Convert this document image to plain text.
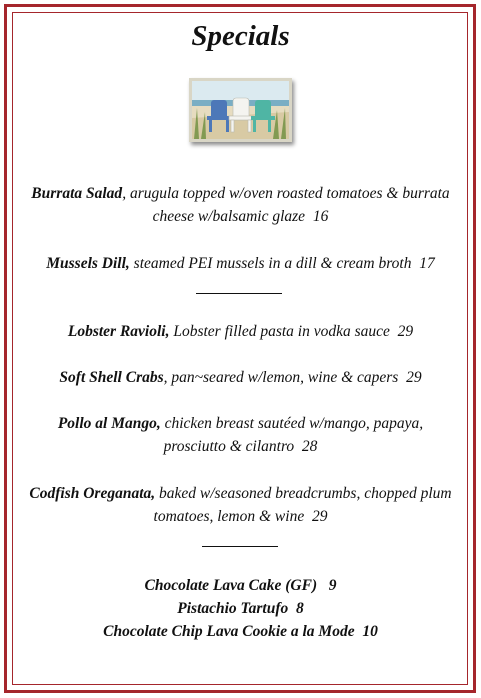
Specials
Burrata Salad, arugula topped w/oven roasted tomatoes & burrata cheese w/balsamic glaze 16
Mussels Dill, steamed PEI mussels in a dill & cream broth 17
Lobster Ravioli, Lobster filled pasta in vodka sauce 29
Soft Shell Crabs, pan~seared w/lemon, wine & capers 29
Pollo al Mango, chicken breast sautéed w/mango, papaya, prosciutto & cilantro 28
Codfish Oreganata, baked w/seasoned breadcrumbs, chopped plum tomatoes, lemon & wine 29
Chocolate Lava Cake (GF) 9
Pistachio Tartufo 8
Chocolate Chip Lava Cookie a la Mode 10
